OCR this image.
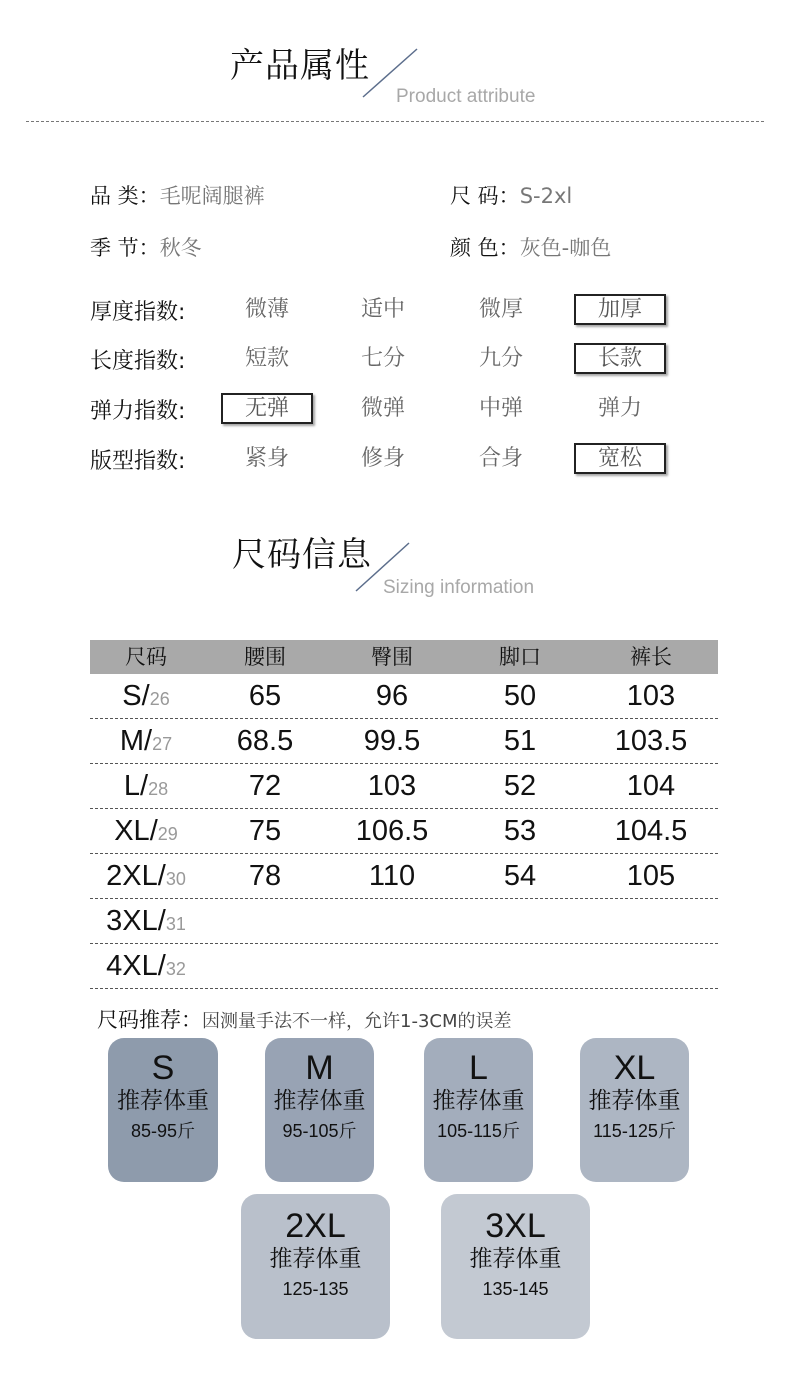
产品属性
Product attribute
品 类：毛呢阔腿裤	尺 码：S-2xl
季 节：秋冬	颜 色：灰色-咖色
厚度指数:	微薄	适中	微厚	加厚
长度指数:	短款	七分	九分	长款
弹力指数:	无弹	微弹	中弹	弹力
版型指数:	紧身	修身	合身	宽松
尺码信息
Sizing information
尺码	腰围	臀围	脚口	裤长
S/26	65	96	50	103
M/27	68.5	99.5	51	103.5
L/28	72	103	52	104
XL/29	75	106.5	53	104.5
2XL/30	78	110	54	105
3XL/31
4XL/32
尺码推荐：因测量手法不一样，允许1-3CM的误差
S
推荐体重
85-95斤
M
推荐体重
95-105斤
L
推荐体重
105-115斤
XL
推荐体重
115-125斤
2XL
推荐体重
125-135
3XL
推荐体重
135-145
